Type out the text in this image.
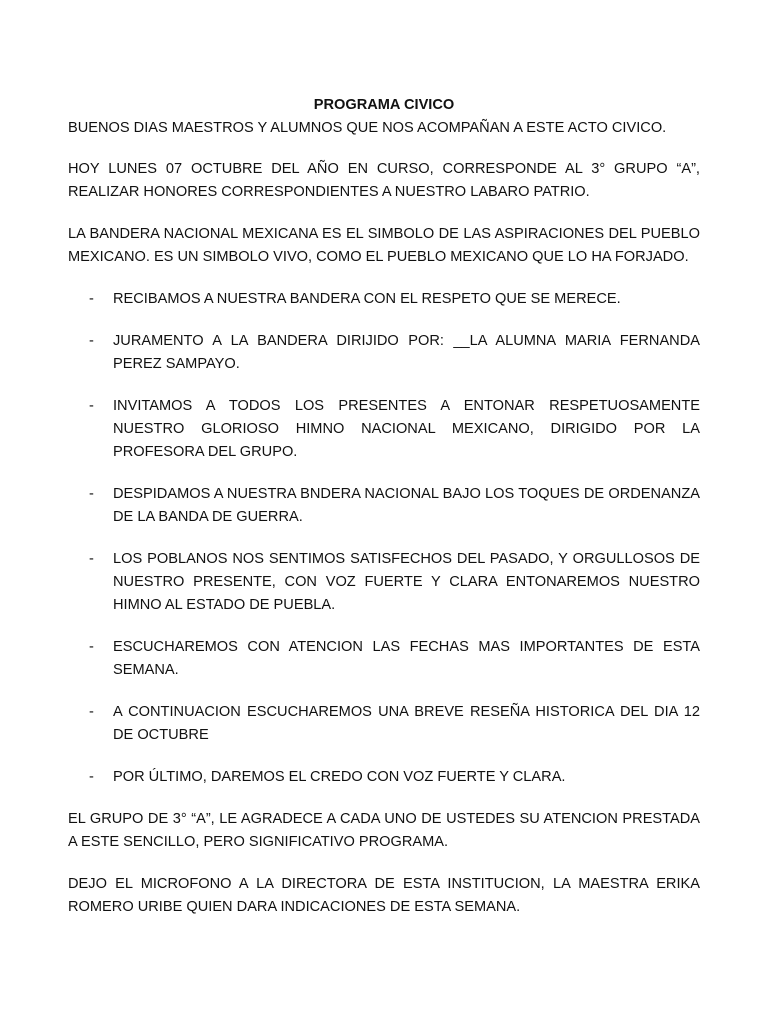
PROGRAMA CIVICO

BUENOS DIAS MAESTROS Y ALUMNOS QUE NOS ACOMPAÑAN A ESTE ACTO CIVICO.

HOY LUNES 07 OCTUBRE DEL AÑO EN CURSO, CORRESPONDE AL 3° GRUPO “A”, REALIZAR HONORES CORRESPONDIENTES A NUESTRO LABARO PATRIO.

LA BANDERA NACIONAL MEXICANA ES EL SIMBOLO DE LAS ASPIRACIONES DEL PUEBLO MEXICANO. ES UN SIMBOLO VIVO, COMO EL PUEBLO MEXICANO QUE LO HA FORJADO.

- RECIBAMOS A NUESTRA BANDERA CON EL RESPETO QUE SE MERECE.
- JURAMENTO A LA BANDERA DIRIJIDO POR: __LA ALUMNA MARIA FERNANDA PEREZ SAMPAYO.
- INVITAMOS A TODOS LOS PRESENTES A ENTONAR RESPETUOSAMENTE NUESTRO GLORIOSO HIMNO NACIONAL MEXICANO, DIRIGIDO POR LA PROFESORA DEL GRUPO.
- DESPIDAMOS A NUESTRA BNDERA NACIONAL BAJO LOS TOQUES DE ORDENANZA DE LA BANDA DE GUERRA.
- LOS POBLANOS NOS SENTIMOS SATISFECHOS DEL PASADO, Y ORGULLOSOS DE NUESTRO PRESENTE, CON VOZ FUERTE Y CLARA ENTONAREMOS NUESTRO HIMNO AL ESTADO DE PUEBLA.
- ESCUCHAREMOS CON ATENCION LAS FECHAS MAS IMPORTANTES DE ESTA SEMANA.
- A CONTINUACION ESCUCHAREMOS UNA BREVE RESEÑA HISTORICA DEL DIA 12 DE OCTUBRE
- POR ÚLTIMO, DAREMOS EL CREDO CON VOZ FUERTE Y CLARA.

EL GRUPO DE 3° “A”, LE AGRADECE A CADA UNO DE USTEDES SU ATENCION PRESTADA A ESTE SENCILLO, PERO SIGNIFICATIVO PROGRAMA.

DEJO EL MICROFONO A LA DIRECTORA DE ESTA INSTITUCION, LA MAESTRA ERIKA ROMERO URIBE QUIEN DARA INDICACIONES DE ESTA SEMANA.
